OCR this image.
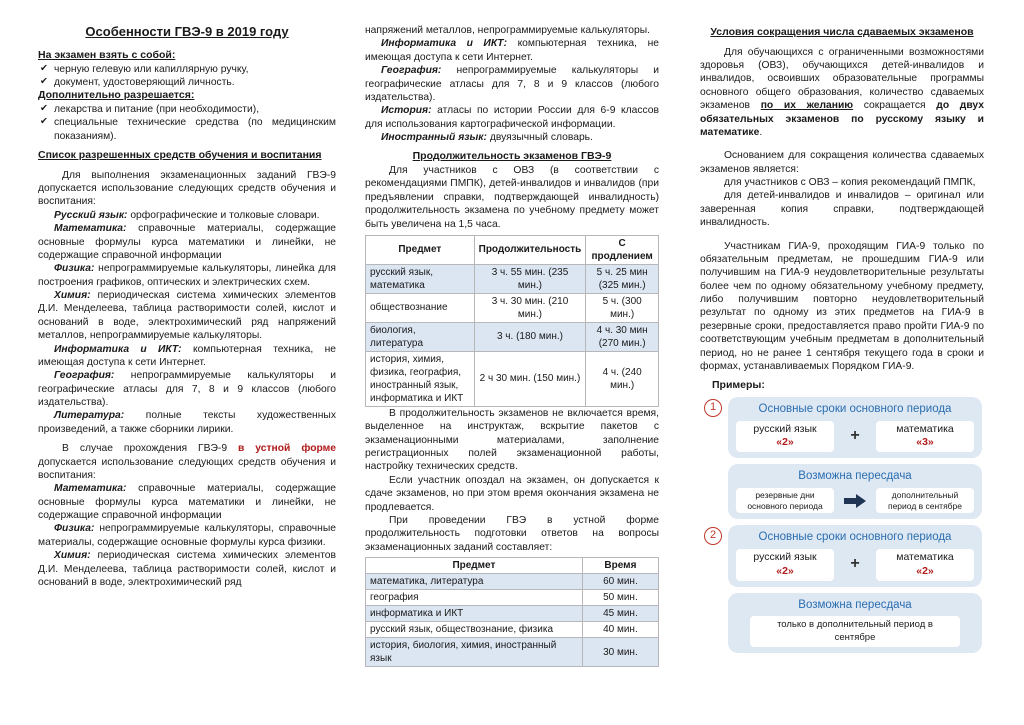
Особенности ГВЭ-9 в 2019 году
На экзамен взять с собой:
✔ черную гелевую или капиллярную ручку,
✔ документ, удостоверяющий личность.
Дополнительно разрешается:
✔ лекарства и питание (при необходимости),
✔ специальные технические средства (по медицинским показаниям).
Список разрешенных средств обучения и воспитания

Для выполнения экзаменационных заданий ГВЭ-9 допускается использование следующих средств обучения и воспитания:

Русский язык: орфографические и толковые словари.

Математика: справочные материалы, содержащие основные формулы курса математики и линейки, не содержащие справочной информации

Физика: непрограммируемые калькуляторы, линейка для построения графиков, оптических и электрических схем.

Химия: периодическая система химических элементов Д.И. Менделеева, таблица растворимости солей, кислот и оснований в воде, электрохимический ряд напряжений металлов, непрограммируемые калькуляторы.

Информатика и ИКТ: компьютерная техника, не имеющая доступа к сети Интернет.

География: непрограммируемые калькуляторы и географические атласы для 7, 8 и 9 классов (любого издательства).

Литература: полные тексты художественных произведений, а также сборники лирики.

В случае прохождения ГВЭ-9 в устной форме допускается использование следующих средств обучения и воспитания:

Математика: справочные материалы, содержащие основные формулы курса математики и линейки, не содержащие справочной информации

Физика: непрограммируемые калькуляторы, справочные материалы, содержащие основные формулы курса физики.

Химия: периодическая система химических элементов Д.И. Менделеева, таблица растворимости солей, кислот и оснований в воде, электрохимический ряд

напряжений металлов, непрограммируемые калькуляторы.

Информатика и ИКТ: компьютерная техника, не имеющая доступа к сети Интернет.

География: непрограммируемые калькуляторы и географические атласы для 7, 8 и 9 классов (любого издательства).

История: атласы по истории России для 6-9 классов для использования картографической информации.

Иностранный язык: двуязычный словарь.

Продолжительность экзаменов ГВЭ-9

Для участников с ОВЗ (в соответствии с рекомендациями ПМПК), детей-инвалидов и инвалидов (при предъявлении справки, подтверждающей инвалидность) продолжительность экзамена по учебному предмету может быть увеличена на 1,5 часа.

Предмет	Продолжительность	С продлением
русский язык, математика	3 ч. 55 мин. (235 мин.)	5 ч. 25 мин (325 мин.)
обществознание	3 ч. 30 мин. (210 мин.)	5 ч. (300 мин.)
биология, литература	3 ч. (180 мин.)	4 ч. 30 мин (270 мин.)
история, химия, физика, география, иностранный язык, информатика и ИКТ	2 ч 30 мин. (150 мин.)	4 ч. (240 мин.)

В продолжительность экзаменов не включается время, выделенное на инструктаж, вскрытие пакетов с экзаменационными материалами, заполнение регистрационных полей экзаменационной работы, настройку технических средств.

Если участник опоздал на экзамен, он допускается к сдаче экзаменов, но при этом время окончания экзамена не продлевается.

При проведении ГВЭ в устной форме продолжительность подготовки ответов на вопросы экзаменационных заданий составляет:

Предмет	Время
математика, литература	60 мин.
география	50 мин.
информатика и ИКТ	45 мин.
русский язык, обществознание, физика	40 мин.
история, биология, химия, иностранный язык	30 мин.
Условия сокращения числа сдаваемых экзаменов

Для обучающихся с ограниченными возможностями здоровья (ОВЗ), обучающихся детей-инвалидов и инвалидов, освоивших образовательные программы основного общего образования, количество сдаваемых экзаменов по их желанию сокращается до двух обязательных экзаменов по русскому языку и математике.

Основанием для сокращения количества сдаваемых экзаменов является:

для участников с ОВЗ – копия рекомендаций ПМПК,

для детей-инвалидов и инвалидов – оригинал или заверенная копия справки, подтверждающей инвалидность.

Участникам ГИА-9, проходящим ГИА-9 только по обязательным предметам, не прошедшим ГИА-9 или получившим на ГИА-9 неудовлетворительные результаты более чем по одному обязательному учебному предмету, либо получившим повторно неудовлетворительный результат по одному из этих предметов на ГИА-9 в резервные сроки, предоставляется право пройти ГИА-9 по соответствующим учебным предметам в дополнительный период, но не ранее 1 сентября текущего года в сроки и формах, устанавливаемых Порядком ГИА-9.

Примеры:
1	Основные сроки основного периода
русский язык
«2»	+	математика
«3»
Возможна пересдача
резервные дни основного периода
дополнительный период в сентябре
2	Основные сроки основного периода
русский язык
«2»	+	математика
«2»
Возможна пересдача
только в дополнительный период в сентябре
